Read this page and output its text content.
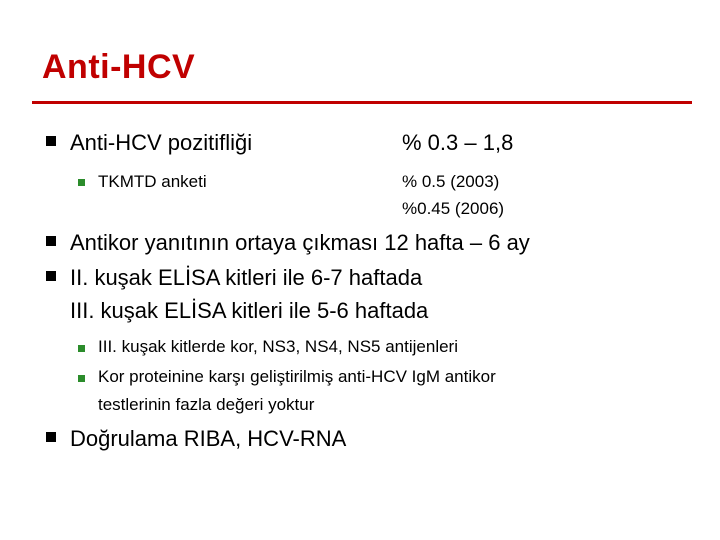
Anti-HCV
Anti-HCV pozitifliği	% 0.3 – 1,8
TKMTD anketi	% 0.5 (2003)
%0.45 (2006)
Antikor yanıtının ortaya çıkması 12 hafta – 6 ay
II. kuşak ELİSA kitleri ile 6-7 haftada
III. kuşak ELİSA kitleri ile 5-6 haftada
III. kuşak kitlerde kor, NS3, NS4, NS5 antijenleri
Kor proteinine karşı geliştirilmiş anti-HCV IgM antikor
testlerinin fazla değeri yoktur
Doğrulama RIBA, HCV-RNA
